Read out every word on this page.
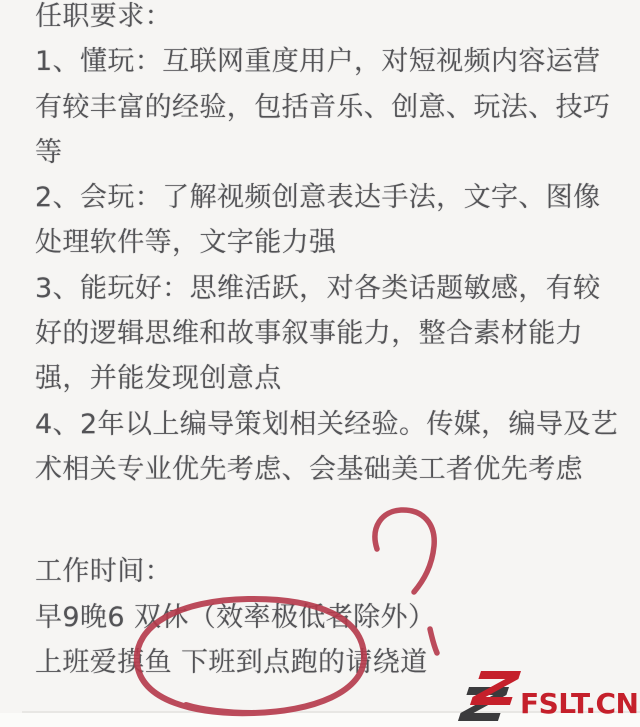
任职要求：
1、懂玩：互联网重度用户，对短视频内容运营
有较丰富的经验，包括音乐、创意、玩法、技巧
等
2、会玩：了解视频创意表达手法，文字、图像
处理软件等，文字能力强
3、能玩好：思维活跃，对各类话题敏感，有较
好的逻辑思维和故事叙事能力，整合素材能力
强，并能发现创意点
4、2年以上编导策划相关经验。传媒，编导及艺
术相关专业优先考虑、会基础美工者优先考虑
工作时间：
早9晚6 双休（效率极低者除外）
上班爱摸鱼 下班到点跑的请绕道
FSLT.CN
